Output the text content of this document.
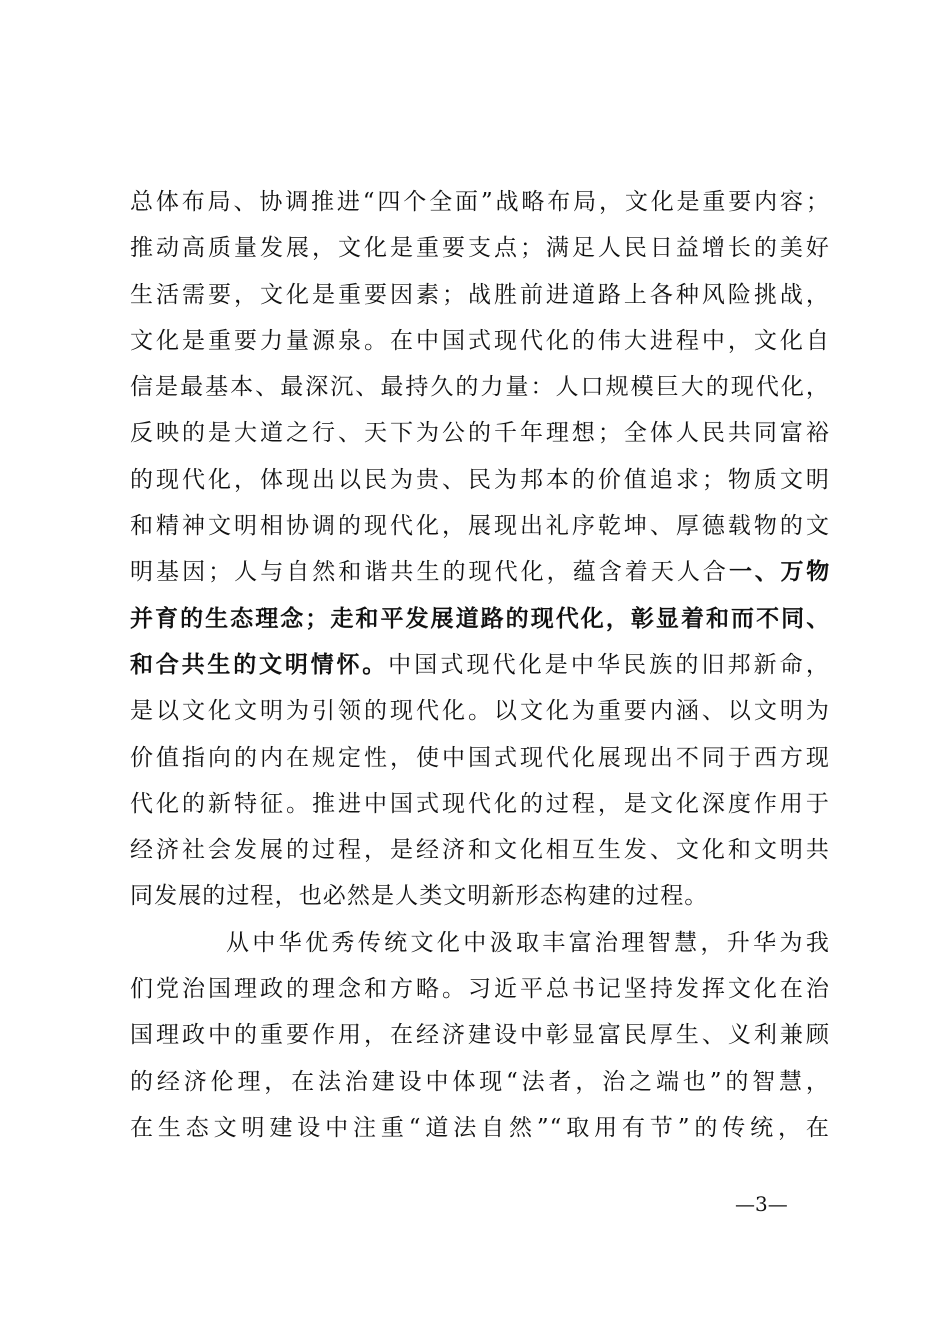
总体布局、协调推进“四个全面”战略布局，文化是重要内容；
推动高质量发展，文化是重要支点；满足人民日益增长的美好
生活需要，文化是重要因素；战胜前进道路上各种风险挑战，
文化是重要力量源泉。在中国式现代化的伟大进程中，文化自
信是最基本、最深沉、最持久的力量：人口规模巨大的现代化，
反映的是大道之行、天下为公的千年理想；全体人民共同富裕
的现代化，体现出以民为贵、民为邦本的价值追求；物质文明
和精神文明相协调的现代化，展现出礼序乾坤、厚德载物的文
明基因；人与自然和谐共生的现代化，蕴含着天人合一、万物
并育的生态理念；走和平发展道路的现代化，彰显着和而不同、
和合共生的文明情怀。中国式现代化是中华民族的旧邦新命，
是以文化文明为引领的现代化。以文化为重要内涵、以文明为
价值指向的内在规定性，使中国式现代化展现出不同于西方现
代化的新特征。推进中国式现代化的过程，是文化深度作用于
经济社会发展的过程，是经济和文化相互生发、文化和文明共
同发展的过程，也必然是人类文明新形态构建的过程。
从中华优秀传统文化中汲取丰富治理智慧，升华为我
们党治国理政的理念和方略。习近平总书记坚持发挥文化在治
国理政中的重要作用，在经济建设中彰显富民厚生、义利兼顾
的经济伦理，在法治建设中体现“法者，治之端也”的智慧，
在生态文明建设中注重“道法自然”“取用有节”的传统，在
—3—
